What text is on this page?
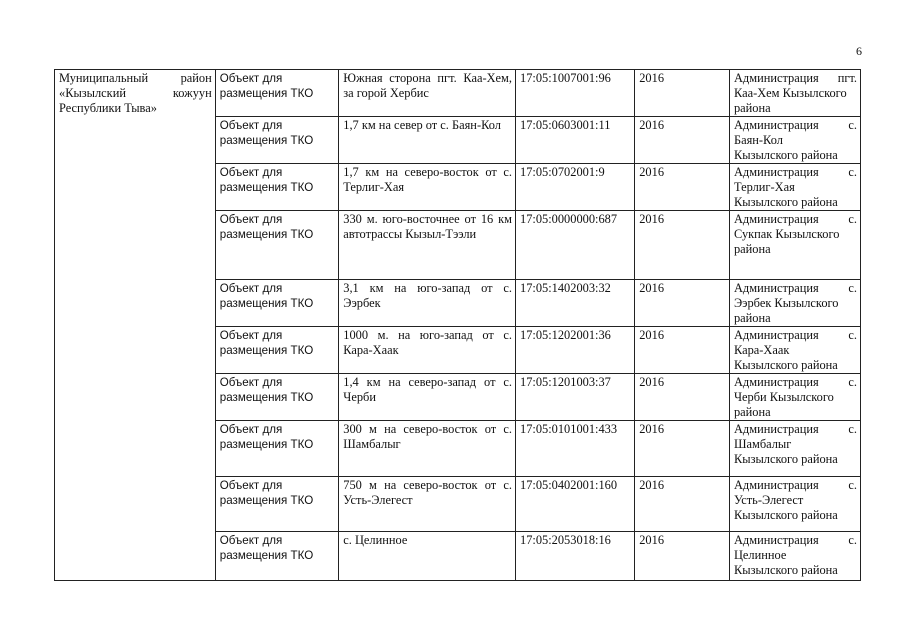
6
Муниципальный район
«Кызылский кожуун
Республики Тыва»	Объект для
размещения ТКО	Южная сторона пгт. Каа-Хем,
за горой Хербис	17:05:1007001:96	2016	Администрация пгт.
Каа-Хем Кызылского
района

	Объект для
размещения ТКО	1,7 км на север от с. Баян-Кол	17:05:0603001:11	2016	Администрация с.
Баян-Кол
Кызылского района

	Объект для
размещения ТКО	1,7 км на северо-восток от с.
Терлиг-Хая	17:05:0702001:9	2016	Администрация с.
Терлиг-Хая
Кызылского района

	Объект для
размещения ТКО	330 м. юго-восточнее от 16 км
автотрассы Кызыл-Тээли	17:05:0000000:687	2016	Администрация с.
Сукпак Кызылского
района

	Объект для
размещения ТКО	3,1 км на юго-запад от с.
Ээрбек	17:05:1402003:32	2016	Администрация с.
Ээрбек Кызылского
района

	Объект для
размещения ТКО	1000 м. на юго-запад от с.
Кара-Хаак	17:05:1202001:36	2016	Администрация с.
Кара-Хаак
Кызылского района

	Объект для
размещения ТКО	1,4 км на северо-запад от с.
Черби	17:05:1201003:37	2016	Администрация с.
Черби Кызылского
района

	Объект для
размещения ТКО	300 м на северо-восток от с.
Шамбалыг	17:05:0101001:433	2016	Администрация с.
Шамбалыг
Кызылского района

	Объект для
размещения ТКО	750 м на северо-восток от с.
Усть-Элегест	17:05:0402001:160	2016	Администрация с.
Усть-Элегест
Кызылского района

	Объект для
размещения ТКО	с. Целинное	17:05:2053018:16	2016	Администрация с.
Целинное
Кызылского района
